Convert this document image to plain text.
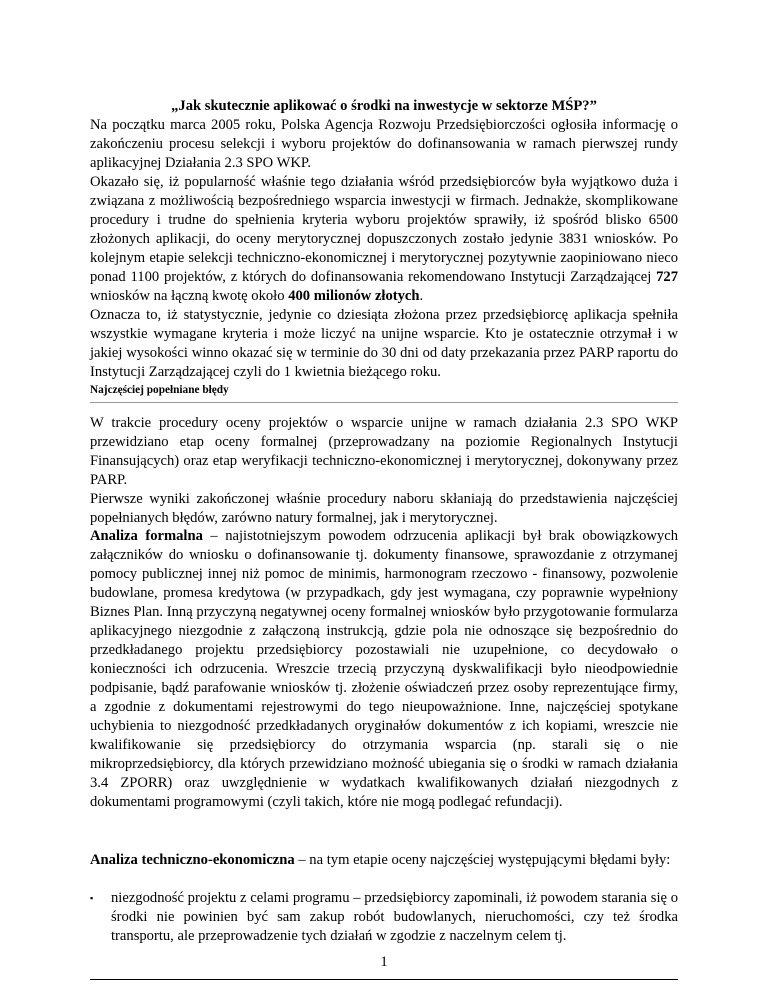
„Jak skutecznie aplikować o środki na inwestycje w sektorze MŚP?”

Na początku marca 2005 roku, Polska Agencja Rozwoju Przedsiębiorczości ogłosiła informację o zakończeniu procesu selekcji i wyboru projektów do dofinansowania w ramach pierwszej rundy aplikacyjnej Działania 2.3 SPO WKP.

Okazało się, iż popularność właśnie tego działania wśród przedsiębiorców była wyjątkowo duża i związana z możliwością bezpośredniego wsparcia inwestycji w firmach. Jednakże, skomplikowane procedury i trudne do spełnienia kryteria wyboru projektów sprawiły, iż spośród blisko 6500 złożonych aplikacji, do oceny merytorycznej dopuszczonych zostało jedynie 3831 wniosków. Po kolejnym etapie selekcji techniczno-ekonomicznej i merytorycznej pozytywnie zaopiniowano nieco ponad 1100 projektów, z których do dofinansowania rekomendowano Instytucji Zarządzającej 727 wniosków na łączną kwotę około 400 milionów złotych.

Oznacza to, iż statystycznie, jedynie co dziesiąta złożona przez przedsiębiorcę aplikacja spełniła wszystkie wymagane kryteria i może liczyć na unijne wsparcie. Kto je ostatecznie otrzymał i w jakiej wysokości winno okazać się w terminie do 30 dni od daty przekazania przez PARP raportu do Instytucji Zarządzającej czyli do 1 kwietnia bieżącego roku.

Najczęściej popełniane błędy

W trakcie procedury oceny projektów o wsparcie unijne w ramach działania 2.3 SPO WKP przewidziano etap oceny formalnej (przeprowadzany na poziomie Regionalnych Instytucji Finansujących) oraz etap weryfikacji techniczno-ekonomicznej i merytorycznej, dokonywany przez PARP.

Pierwsze wyniki zakończonej właśnie procedury naboru skłaniają do przedstawienia najczęściej popełnianych błędów, zarówno natury formalnej, jak i merytorycznej.

Analiza formalna – najistotniejszym powodem odrzucenia aplikacji był brak obowiązkowych załączników do wniosku o dofinansowanie tj. dokumenty finansowe, sprawozdanie z otrzymanej pomocy publicznej innej niż pomoc de minimis, harmonogram rzeczowo - finansowy, pozwolenie budowlane, promesa kredytowa (w przypadkach, gdy jest wymagana, czy poprawnie wypełniony Biznes Plan. Inną przyczyną negatywnej oceny formalnej wniosków było przygotowanie formularza aplikacyjnego niezgodnie z załączoną instrukcją, gdzie pola nie odnoszące się bezpośrednio do przedkładanego projektu przedsiębiorcy pozostawiali nie uzupełnione, co decydowało o konieczności ich odrzucenia. Wreszcie trzecią przyczyną dyskwalifikacji było nieodpowiednie podpisanie, bądź parafowanie wniosków tj. złożenie oświadczeń przez osoby reprezentujące firmy, a zgodnie z dokumentami rejestrowymi do tego nieupoważnione. Inne, najczęściej spotykane uchybienia to niezgodność przedkładanych oryginałów dokumentów z ich kopiami, wreszcie nie kwalifikowanie się przedsiębiorcy do otrzymania wsparcia (np. starali się o nie mikroprzedsiębiorcy, dla których przewidziano możność ubiegania się o środki w ramach działania 3.4 ZPORR) oraz uwzględnienie w wydatkach kwalifikowanych działań niezgodnych z dokumentami programowymi (czyli takich, które nie mogą podlegać refundacji).

Analiza techniczno-ekonomiczna – na tym etapie oceny najczęściej występującymi błędami były:

▪	niezgodność projektu z celami programu – przedsiębiorcy zapominali, iż powodem starania się o środki nie powinien być sam zakup robót budowlanych, nieruchomości, czy też środka transportu, ale przeprowadzenie tych działań w zgodzie z naczelnym celem tj.

1
